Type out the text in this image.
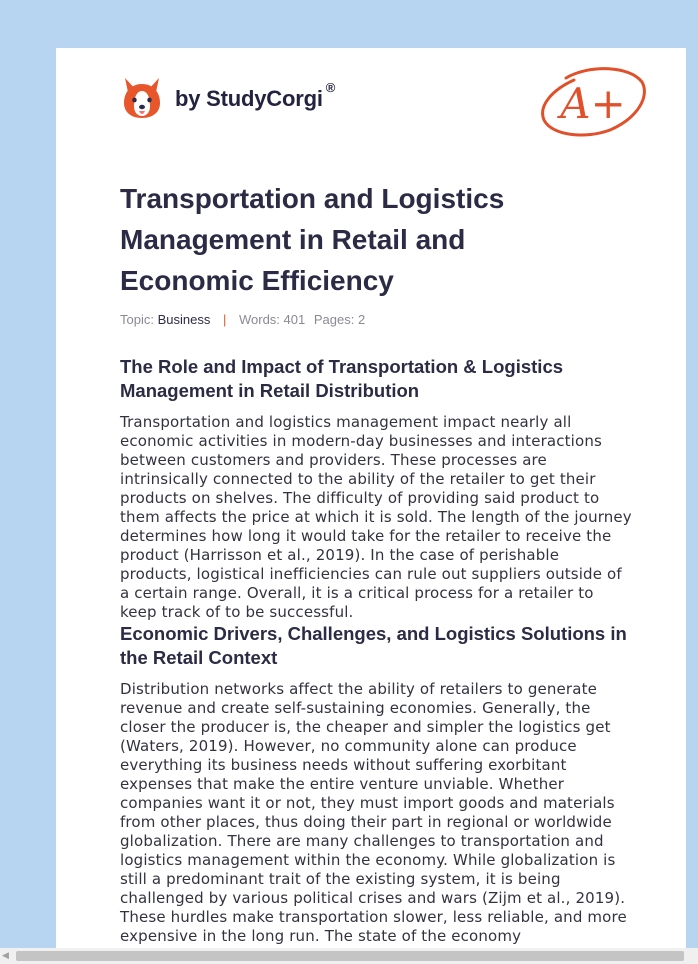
by StudyCorgi ®	A+
Transportation and Logistics Management in Retail and Economic Efficiency
Topic: Business | Words: 401 Pages: 2
The Role and Impact of Transportation & Logistics Management in Retail Distribution

Transportation and logistics management impact nearly all economic activities in modern-day businesses and interactions between customers and providers. These processes are intrinsically connected to the ability of the retailer to get their products on shelves. The difficulty of providing said product to them affects the price at which it is sold. The length of the journey determines how long it would take for the retailer to receive the product (Harrisson et al., 2019). In the case of perishable products, logistical inefficiencies can rule out suppliers outside of a certain range. Overall, it is a critical process for a retailer to keep track of to be successful.

Economic Drivers, Challenges, and Logistics Solutions in the Retail Context

Distribution networks affect the ability of retailers to generate revenue and create self-sustaining economies. Generally, the closer the producer is, the cheaper and simpler the logistics get (Waters, 2019). However, no community alone can produce everything its business needs without suffering exorbitant expenses that make the entire venture unviable. Whether companies want it or not, they must import goods and materials from other places, thus doing their part in regional or worldwide globalization. There are many challenges to transportation and logistics management within the economy. While globalization is still a predominant trait of the existing system, it is being challenged by various political crises and wars (Zijm et al., 2019). These hurdles make transportation slower, less reliable, and more expensive in the long run. The state of the economy

◀
